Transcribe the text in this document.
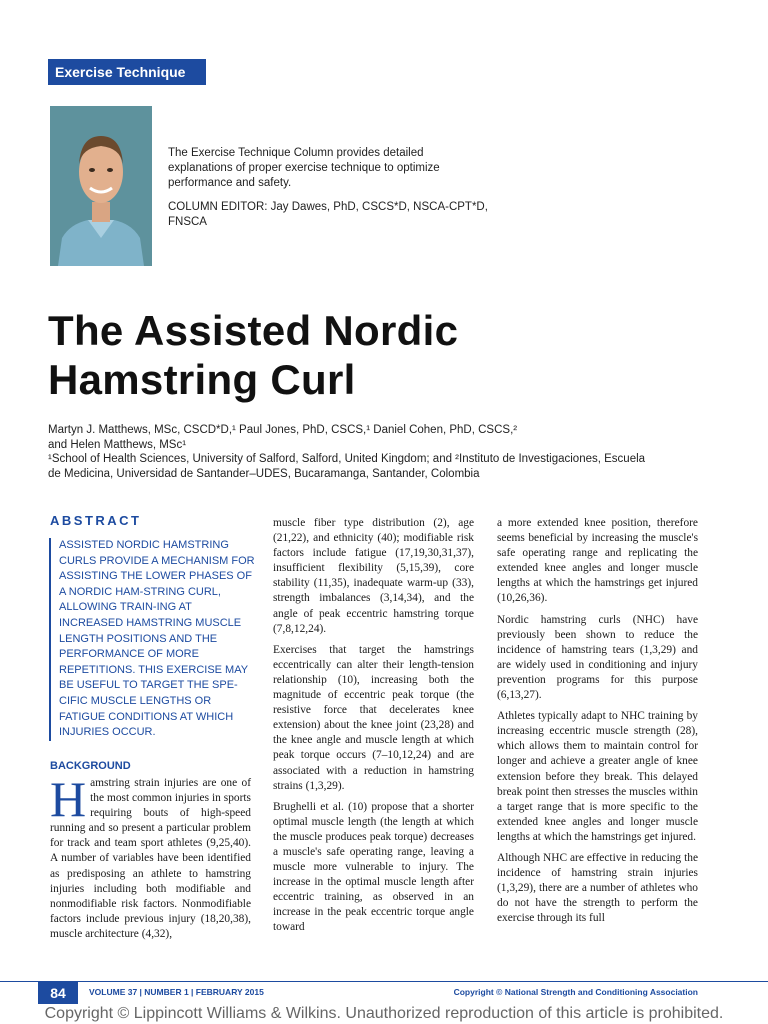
Exercise Technique

The Exercise Technique Column provides detailed explanations of proper exercise technique to optimize performance and safety.

COLUMN EDITOR: Jay Dawes, PhD, CSCS*D, NSCA-CPT*D, FNSCA

The Assisted Nordic
Hamstring Curl
Martyn J. Matthews, MSc, CSCD*D,¹ Paul Jones, PhD, CSCS,¹ Daniel Cohen, PhD, CSCS,²
and Helen Matthews, MSc¹
¹School of Health Sciences, University of Salford, Salford, United Kingdom; and ²Instituto de Investigaciones, Escuela
de Medicina, Universidad de Santander–UDES, Bucaramanga, Santander, Colombia
ABSTRACT
ASSISTED NORDIC HAMSTRING CURLS PROVIDE A MECHANISM FOR ASSISTING THE LOWER PHASES OF A NORDIC HAM-STRING CURL, ALLOWING TRAIN-ING AT INCREASED HAMSTRING MUSCLE LENGTH POSITIONS AND THE PERFORMANCE OF MORE REPETITIONS. THIS EXERCISE MAY BE USEFUL TO TARGET THE SPE-CIFIC MUSCLE LENGTHS OR FATIGUE CONDITIONS AT WHICH INJURIES OCCUR.
BACKGROUND

Hamstring strain injuries are one of the most common injuries in sports requiring bouts of high-speed running and so present a particular problem for track and team sport athletes (9,25,40). A number of variables have been identified as predisposing an athlete to hamstring injuries including both modifiable and nonmodifiable risk factors. Nonmodifiable factors include previous injury (18,20,38), muscle architecture (4,32),

muscle fiber type distribution (2), age (21,22), and ethnicity (40); modifiable risk factors include fatigue (17,19,30,31,37), insufficient flexibility (5,15,39), core stability (11,35), inadequate warm-up (33), strength imbalances (3,14,34), and the angle of peak eccentric hamstring torque (7,8,12,24).

Exercises that target the hamstrings eccentrically can alter their length-tension relationship (10), increasing both the magnitude of eccentric peak torque (the resistive force that decelerates knee extension) about the knee joint (23,28) and the knee angle and muscle length at which peak torque occurs (7–10,12,24) and are associated with a reduction in hamstring strains (1,3,29).

Brughelli et al. (10) propose that a shorter optimal muscle length (the length at which the muscle produces peak torque) decreases a muscle's safe operating range, leaving a muscle more vulnerable to injury. The increase in the optimal muscle length after eccentric training, as observed in an increase in the peak eccentric torque angle toward

a more extended knee position, therefore seems beneficial by increasing the muscle's safe operating range and replicating the extended knee angles and longer muscle lengths at which the hamstrings get injured (10,26,36).

Nordic hamstring curls (NHC) have previously been shown to reduce the incidence of hamstring tears (1,3,29) and are widely used in conditioning and injury prevention programs for this purpose (6,13,27).

Athletes typically adapt to NHC training by increasing eccentric muscle strength (28), which allows them to maintain control for longer and achieve a greater angle of knee extension before they break. This delayed break point then stresses the muscles within a target range that is more specific to the extended knee angles and longer muscle lengths at which the hamstrings get injured.

Although NHC are effective in reducing the incidence of hamstring strain injuries (1,3,29), there are a number of athletes who do not have the strength to perform the exercise through its full

84	VOLUME 37 | NUMBER 1 | FEBRUARY 2015	Copyright © National Strength and Conditioning Association
Copyright © Lippincott Williams & Wilkins. Unauthorized reproduction of this article is prohibited.
